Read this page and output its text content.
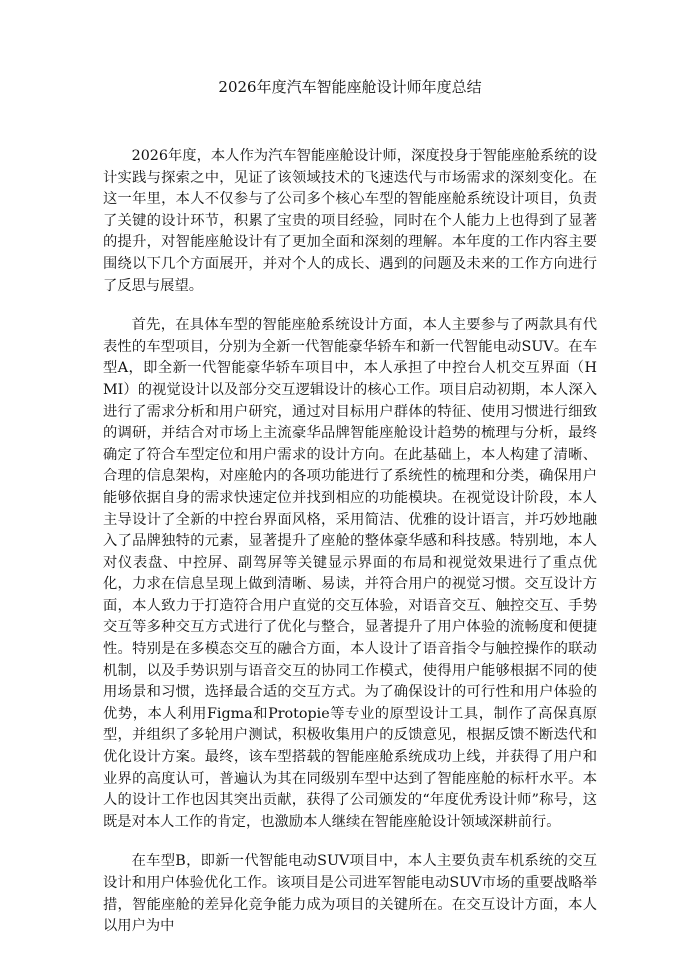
2026年度汽车智能座舱设计师年度总结

2026年度，本人作为汽车智能座舱设计师，深度投身于智能座舱系统的设计实践与探索之中，见证了该领域技术的飞速迭代与市场需求的深刻变化。在这一年里，本人不仅参与了公司多个核心车型的智能座舱系统设计项目，负责了关键的设计环节，积累了宝贵的项目经验，同时在个人能力上也得到了显著的提升，对智能座舱设计有了更加全面和深刻的理解。本年度的工作内容主要围绕以下几个方面展开，并对个人的成长、遇到的问题及未来的工作方向进行了反思与展望。

首先，在具体车型的智能座舱系统设计方面，本人主要参与了两款具有代表性的车型项目，分别为全新一代智能豪华轿车和新一代智能电动SUV。在车型A，即全新一代智能豪华轿车项目中，本人承担了中控台人机交互界面（HMI）的视觉设计以及部分交互逻辑设计的核心工作。项目启动初期，本人深入进行了需求分析和用户研究，通过对目标用户群体的特征、使用习惯进行细致的调研，并结合对市场上主流豪华品牌智能座舱设计趋势的梳理与分析，最终确定了符合车型定位和用户需求的设计方向。在此基础上，本人构建了清晰、合理的信息架构，对座舱内的各项功能进行了系统性的梳理和分类，确保用户能够依据自身的需求快速定位并找到相应的功能模块。在视觉设计阶段，本人主导设计了全新的中控台界面风格，采用简洁、优雅的设计语言，并巧妙地融入了品牌独特的元素，显著提升了座舱的整体豪华感和科技感。特别地，本人对仪表盘、中控屏、副驾屏等关键显示界面的布局和视觉效果进行了重点优化，力求在信息呈现上做到清晰、易读，并符合用户的视觉习惯。交互设计方面，本人致力于打造符合用户直觉的交互体验，对语音交互、触控交互、手势交互等多种交互方式进行了优化与整合，显著提升了用户体验的流畅度和便捷性。特别是在多模态交互的融合方面，本人设计了语音指令与触控操作的联动机制，以及手势识别与语音交互的协同工作模式，使得用户能够根据不同的使用场景和习惯，选择最合适的交互方式。为了确保设计的可行性和用户体验的优势，本人利用Figma和Protopie等专业的原型设计工具，制作了高保真原型，并组织了多轮用户测试，积极收集用户的反馈意见，根据反馈不断迭代和优化设计方案。最终，该车型搭载的智能座舱系统成功上线，并获得了用户和业界的高度认可，普遍认为其在同级别车型中达到了智能座舱的标杆水平。本人的设计工作也因其突出贡献，获得了公司颁发的“年度优秀设计师”称号，这既是对本人工作的肯定，也激励本人继续在智能座舱设计领域深耕前行。

在车型B，即新一代智能电动SUV项目中，本人主要负责车机系统的交互设计和用户体验优化工作。该项目是公司进军智能电动SUV市场的重要战略举措，智能座舱的差异化竞争能力成为项目的关键所在。在交互设计方面，本人以用户为中
